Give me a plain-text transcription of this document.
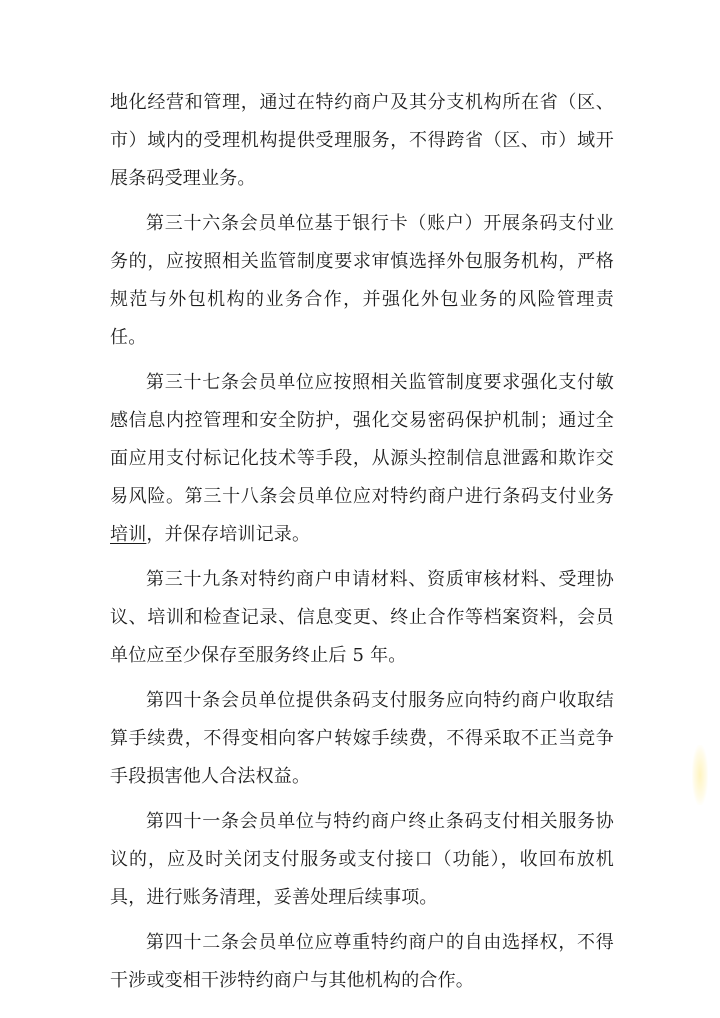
地化经营和管理，通过在特约商户及其分支机构所在省（区、市）域内的受理机构提供受理服务，不得跨省（区、市）域开展条码受理业务。

第三十六条会员单位基于银行卡（账户）开展条码支付业务的，应按照相关监管制度要求审慎选择外包服务机构，严格规范与外包机构的业务合作，并强化外包业务的风险管理责任。

第三十七条会员单位应按照相关监管制度要求强化支付敏感信息内控管理和安全防护，强化交易密码保护机制；通过全面应用支付标记化技术等手段，从源头控制信息泄露和欺诈交易风险。第三十八条会员单位应对特约商户进行条码支付业务培训，并保存培训记录。

第三十九条对特约商户申请材料、资质审核材料、受理协议、培训和检查记录、信息变更、终止合作等档案资料，会员单位应至少保存至服务终止后 5 年。

第四十条会员单位提供条码支付服务应向特约商户收取结算手续费，不得变相向客户转嫁手续费，不得采取不正当竞争手段损害他人合法权益。

第四十一条会员单位与特约商户终止条码支付相关服务协议的，应及时关闭支付服务或支付接口（功能），收回布放机具，进行账务清理，妥善处理后续事项。

第四十二条会员单位应尊重特约商户的自由选择权，不得干涉或变相干涉特约商户与其他机构的合作。
